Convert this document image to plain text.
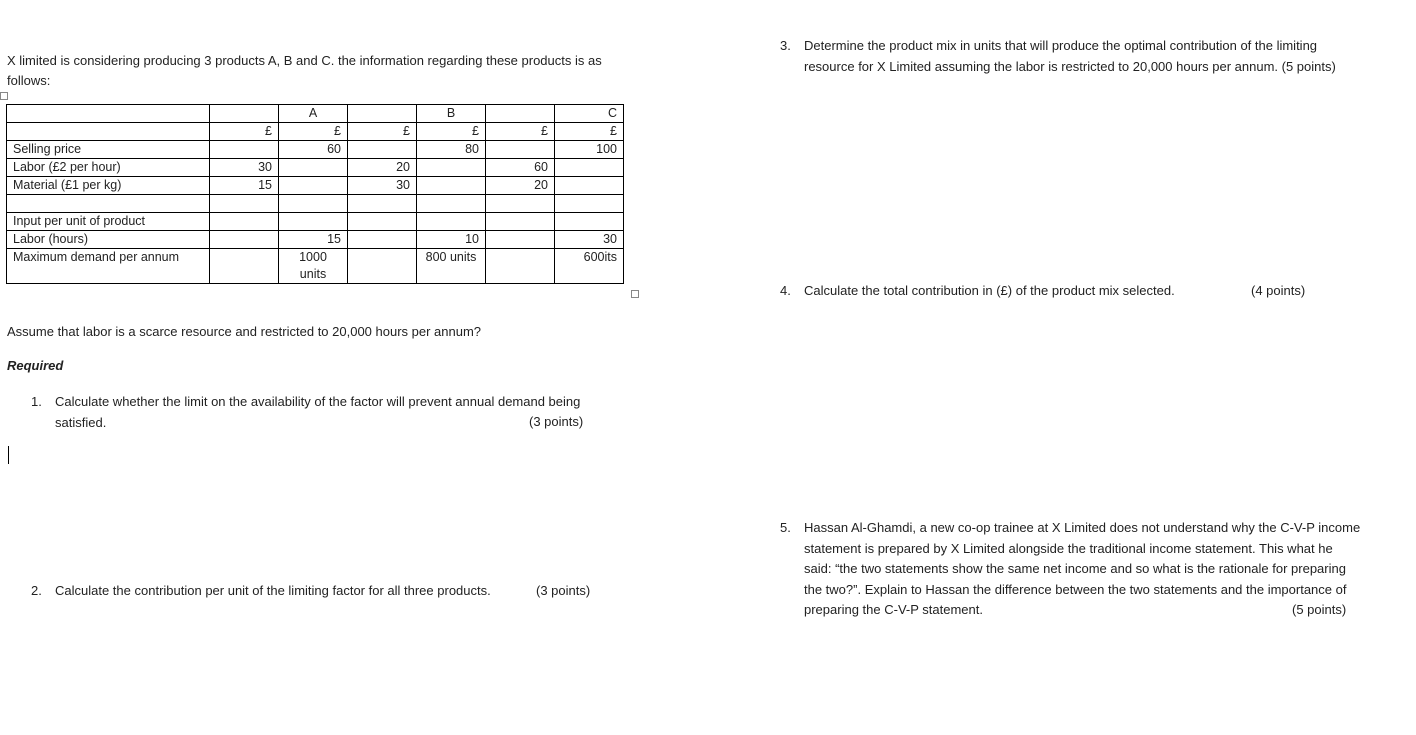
X limited is considering producing 3 products A, B and C. the information regarding these products is as
follows:
		A		B		C
	£	£	£	£	£	£
Selling price		60		80		100
Labor (£2 per hour)	30		20		60	
Material (£1 per kg)	15		30		20	

Input per unit of product						
Labor (hours)		15		10		30
Maximum demand per annum		1000 units		800 units		600its
Assume that labor is a scarce resource and restricted to 20,000 hours per annum?
Required
1. Calculate whether the limit on the availability of the factor will prevent annual demand being
satisfied.	(3 points)
2. Calculate the contribution per unit of the limiting factor for all three products.	(3 points)
3. Determine the product mix in units that will produce the optimal contribution of the limiting
resource for X Limited assuming the labor is restricted to 20,000 hours per annum. (5 points)
4. Calculate the total contribution in (£) of the product mix selected.	(4 points)
5. Hassan Al-Ghamdi, a new co-op trainee at X Limited does not understand why the C-V-P income
statement is prepared by X Limited alongside the traditional income statement. This what he
said: “the two statements show the same net income and so what is the rationale for preparing
the two?”. Explain to Hassan the difference between the two statements and the importance of
preparing the C-V-P statement.	(5 points)
